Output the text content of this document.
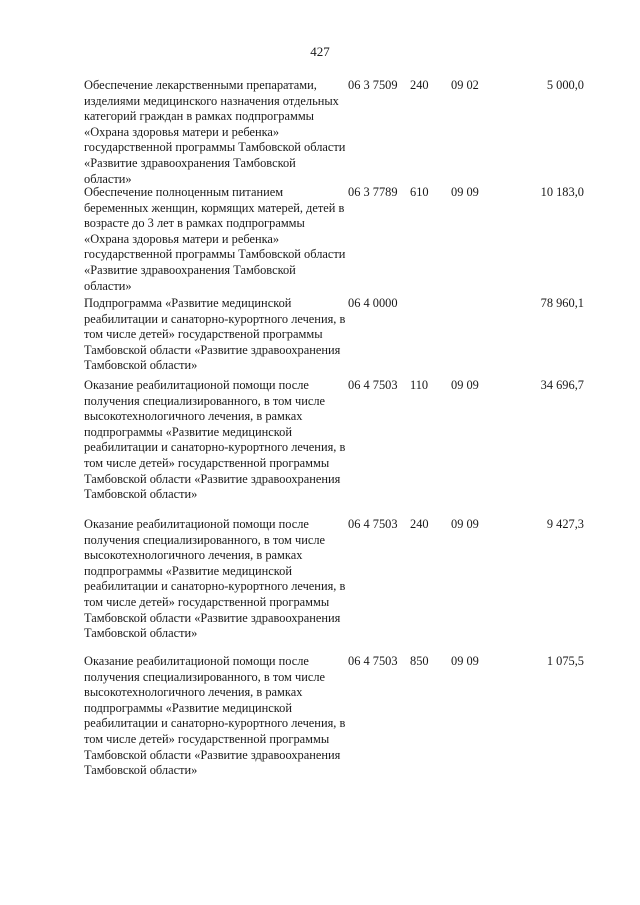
427
Обеспечение лекарственными препаратами, изделиями медицинского назначения отдельных категорий граждан в рамках подпрограммы «Охрана здоровья матери и ребенка» государственной программы Тамбовской области «Развитие здравоохранения Тамбовской области»
06 3 7509 240 09 02	5 000,0
Обеспечение полноценным питанием беременных женщин, кормящих матерей, детей в возрасте до 3 лет в рамках подпрограммы «Охрана здоровья матери и ребенка» государственной программы Тамбовской области «Развитие здравоохранения Тамбовской области»
06 3 7789 610 09 09	10 183,0
Подпрограмма «Развитие медицинской реабилитации и санаторно-курортного лечения, в том числе детей» государственой программы Тамбовской области «Развитие здравоохранения Тамбовской области»
06 4 0000	78 960,1
Оказание реабилитационой помощи после получения специализированного, в том числе высокотехнологичного лечения, в рамках подпрограммы «Развитие медицинской реабилитации и санаторно-курортного лечения, в том числе детей» государственной программы Тамбовской области «Развитие здравоохранения Тамбовской области»
06 4 7503 110 09 09	34 696,7
Оказание реабилитационой помощи после получения специализированного, в том числе высокотехнологичного лечения, в рамках подпрограммы «Развитие медицинской реабилитации и санаторно-курортного лечения, в том числе детей» государственной программы Тамбовской области «Развитие здравоохранения Тамбовской области»
06 4 7503 240 09 09	9 427,3
Оказание реабилитационой помощи после получения специализированного, в том числе высокотехнологичного лечения, в рамках подпрограммы «Развитие медицинской реабилитации и санаторно-курортного лечения, в том числе детей» государственной программы Тамбовской области «Развитие здравоохранения Тамбовской области»
06 4 7503 850 09 09	1 075,5
